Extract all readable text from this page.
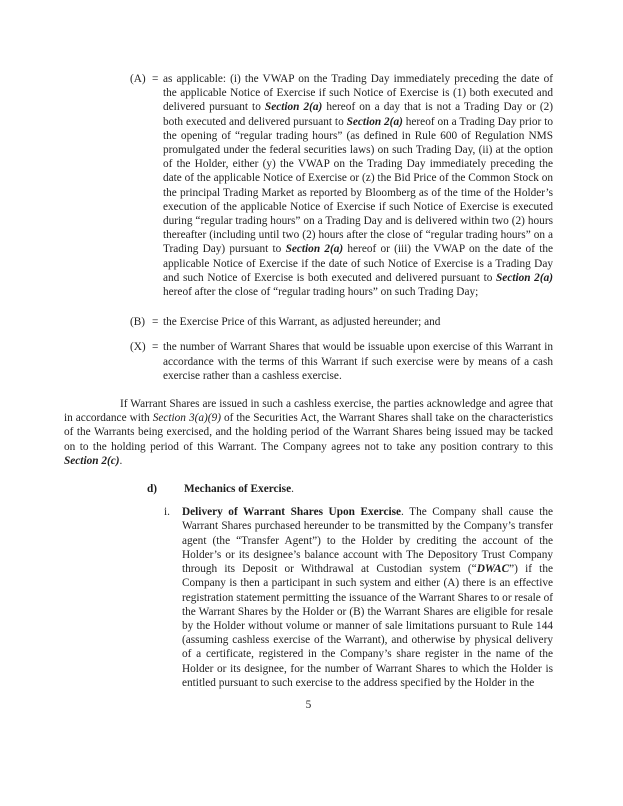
(A) = as applicable: (i) the VWAP on the Trading Day immediately preceding the date of the applicable Notice of Exercise if such Notice of Exercise is (1) both executed and delivered pursuant to Section 2(a) hereof on a day that is not a Trading Day or (2) both executed and delivered pursuant to Section 2(a) hereof on a Trading Day prior to the opening of “regular trading hours” (as defined in Rule 600 of Regulation NMS promulgated under the federal securities laws) on such Trading Day, (ii) at the option of the Holder, either (y) the VWAP on the Trading Day immediately preceding the date of the applicable Notice of Exercise or (z) the Bid Price of the Common Stock on the principal Trading Market as reported by Bloomberg as of the time of the Holder’s execution of the applicable Notice of Exercise if such Notice of Exercise is executed during “regular trading hours” on a Trading Day and is delivered within two (2) hours thereafter (including until two (2) hours after the close of “regular trading hours” on a Trading Day) pursuant to Section 2(a) hereof or (iii) the VWAP on the date of the applicable Notice of Exercise if the date of such Notice of Exercise is a Trading Day and such Notice of Exercise is both executed and delivered pursuant to Section 2(a) hereof after the close of “regular trading hours” on such Trading Day;
(B) = the Exercise Price of this Warrant, as adjusted hereunder; and
(X) = the number of Warrant Shares that would be issuable upon exercise of this Warrant in accordance with the terms of this Warrant if such exercise were by means of a cash exercise rather than a cashless exercise.

If Warrant Shares are issued in such a cashless exercise, the parties acknowledge and agree that in accordance with Section 3(a)(9) of the Securities Act, the Warrant Shares shall take on the characteristics of the Warrants being exercised, and the holding period of the Warrant Shares being issued may be tacked on to the holding period of this Warrant. The Company agrees not to take any position contrary to this Section 2(c).

d) Mechanics of Exercise.
i.	Delivery of Warrant Shares Upon Exercise. The Company shall cause the Warrant Shares purchased hereunder to be transmitted by the Company’s transfer agent (the “Transfer Agent”) to the Holder by crediting the account of the Holder’s or its designee’s balance account with The Depository Trust Company through its Deposit or Withdrawal at Custodian system (“DWAC”) if the Company is then a participant in such system and either (A) there is an effective registration statement permitting the issuance of the Warrant Shares to or resale of the Warrant Shares by the Holder or (B) the Warrant Shares are eligible for resale by the Holder without volume or manner of sale limitations pursuant to Rule 144 (assuming cashless exercise of the Warrant), and otherwise by physical delivery of a certificate, registered in the Company’s share register in the name of the Holder or its designee, for the number of Warrant Shares to which the Holder is entitled pursuant to such exercise to the address specified by the Holder in the
5
